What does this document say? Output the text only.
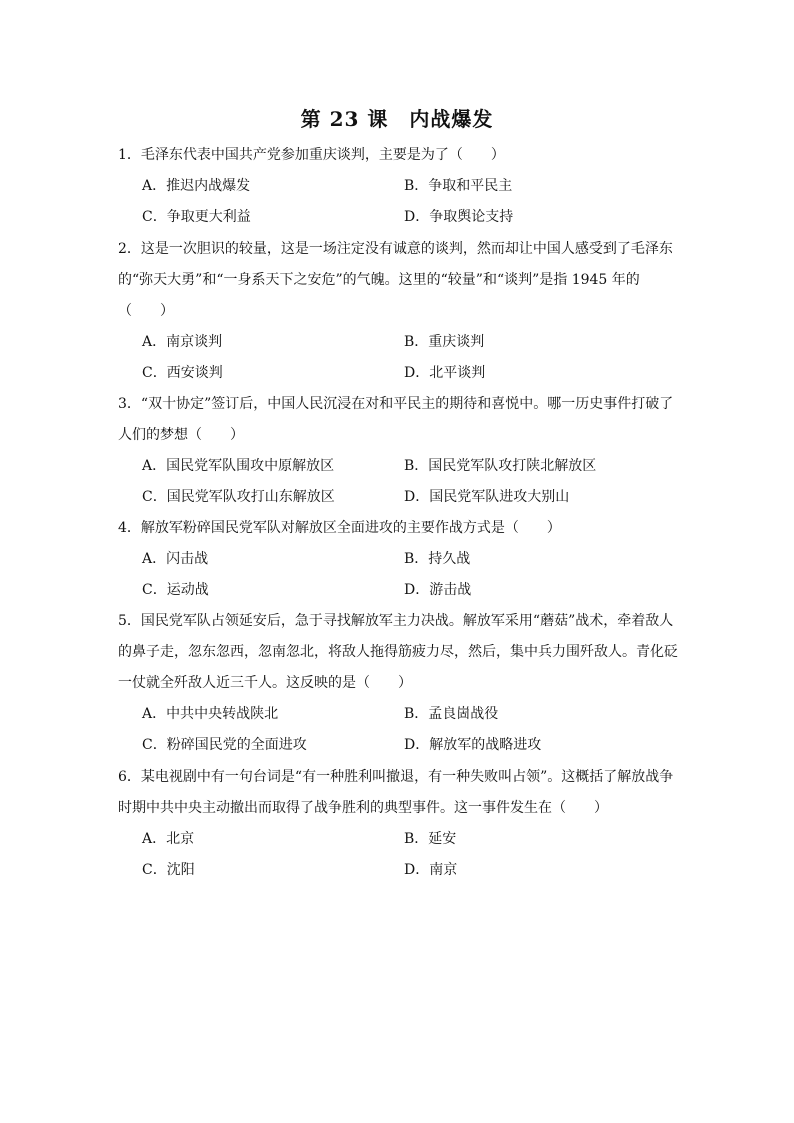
第 23 课　内战爆发

1．毛泽东代表中国共产党参加重庆谈判，主要是为了（　　）

A．推迟内战爆发	B．争取和平民主
C．争取更大利益	D．争取舆论支持

2．这是一次胆识的较量，这是一场注定没有诚意的谈判，然而却让中国人感受到了毛泽东的“弥天大勇”和“一身系天下之安危”的气魄。这里的“较量”和“谈判”是指 1945 年的（　　）

A．南京谈判	B．重庆谈判
C．西安谈判	D．北平谈判

3．“双十协定”签订后，中国人民沉浸在对和平民主的期待和喜悦中。哪一历史事件打破了人们的梦想（　　）

A．国民党军队围攻中原解放区	B．国民党军队攻打陕北解放区
C．国民党军队攻打山东解放区	D．国民党军队进攻大别山

4．解放军粉碎国民党军队对解放区全面进攻的主要作战方式是（　　）

A．闪击战	B．持久战
C．运动战	D．游击战

5．国民党军队占领延安后，急于寻找解放军主力决战。解放军采用“蘑菇”战术，牵着敌人的鼻子走，忽东忽西，忽南忽北，将敌人拖得筋疲力尽，然后，集中兵力围歼敌人。青化砭一仗就全歼敌人近三千人。这反映的是（　　）

A．中共中央转战陕北	B．孟良崮战役
C．粉碎国民党的全面进攻	D．解放军的战略进攻

6．某电视剧中有一句台词是“有一种胜利叫撤退，有一种失败叫占领”。这概括了解放战争时期中共中央主动撤出而取得了战争胜利的典型事件。这一事件发生在（　　）

A．北京	B．延安
C．沈阳	D．南京
